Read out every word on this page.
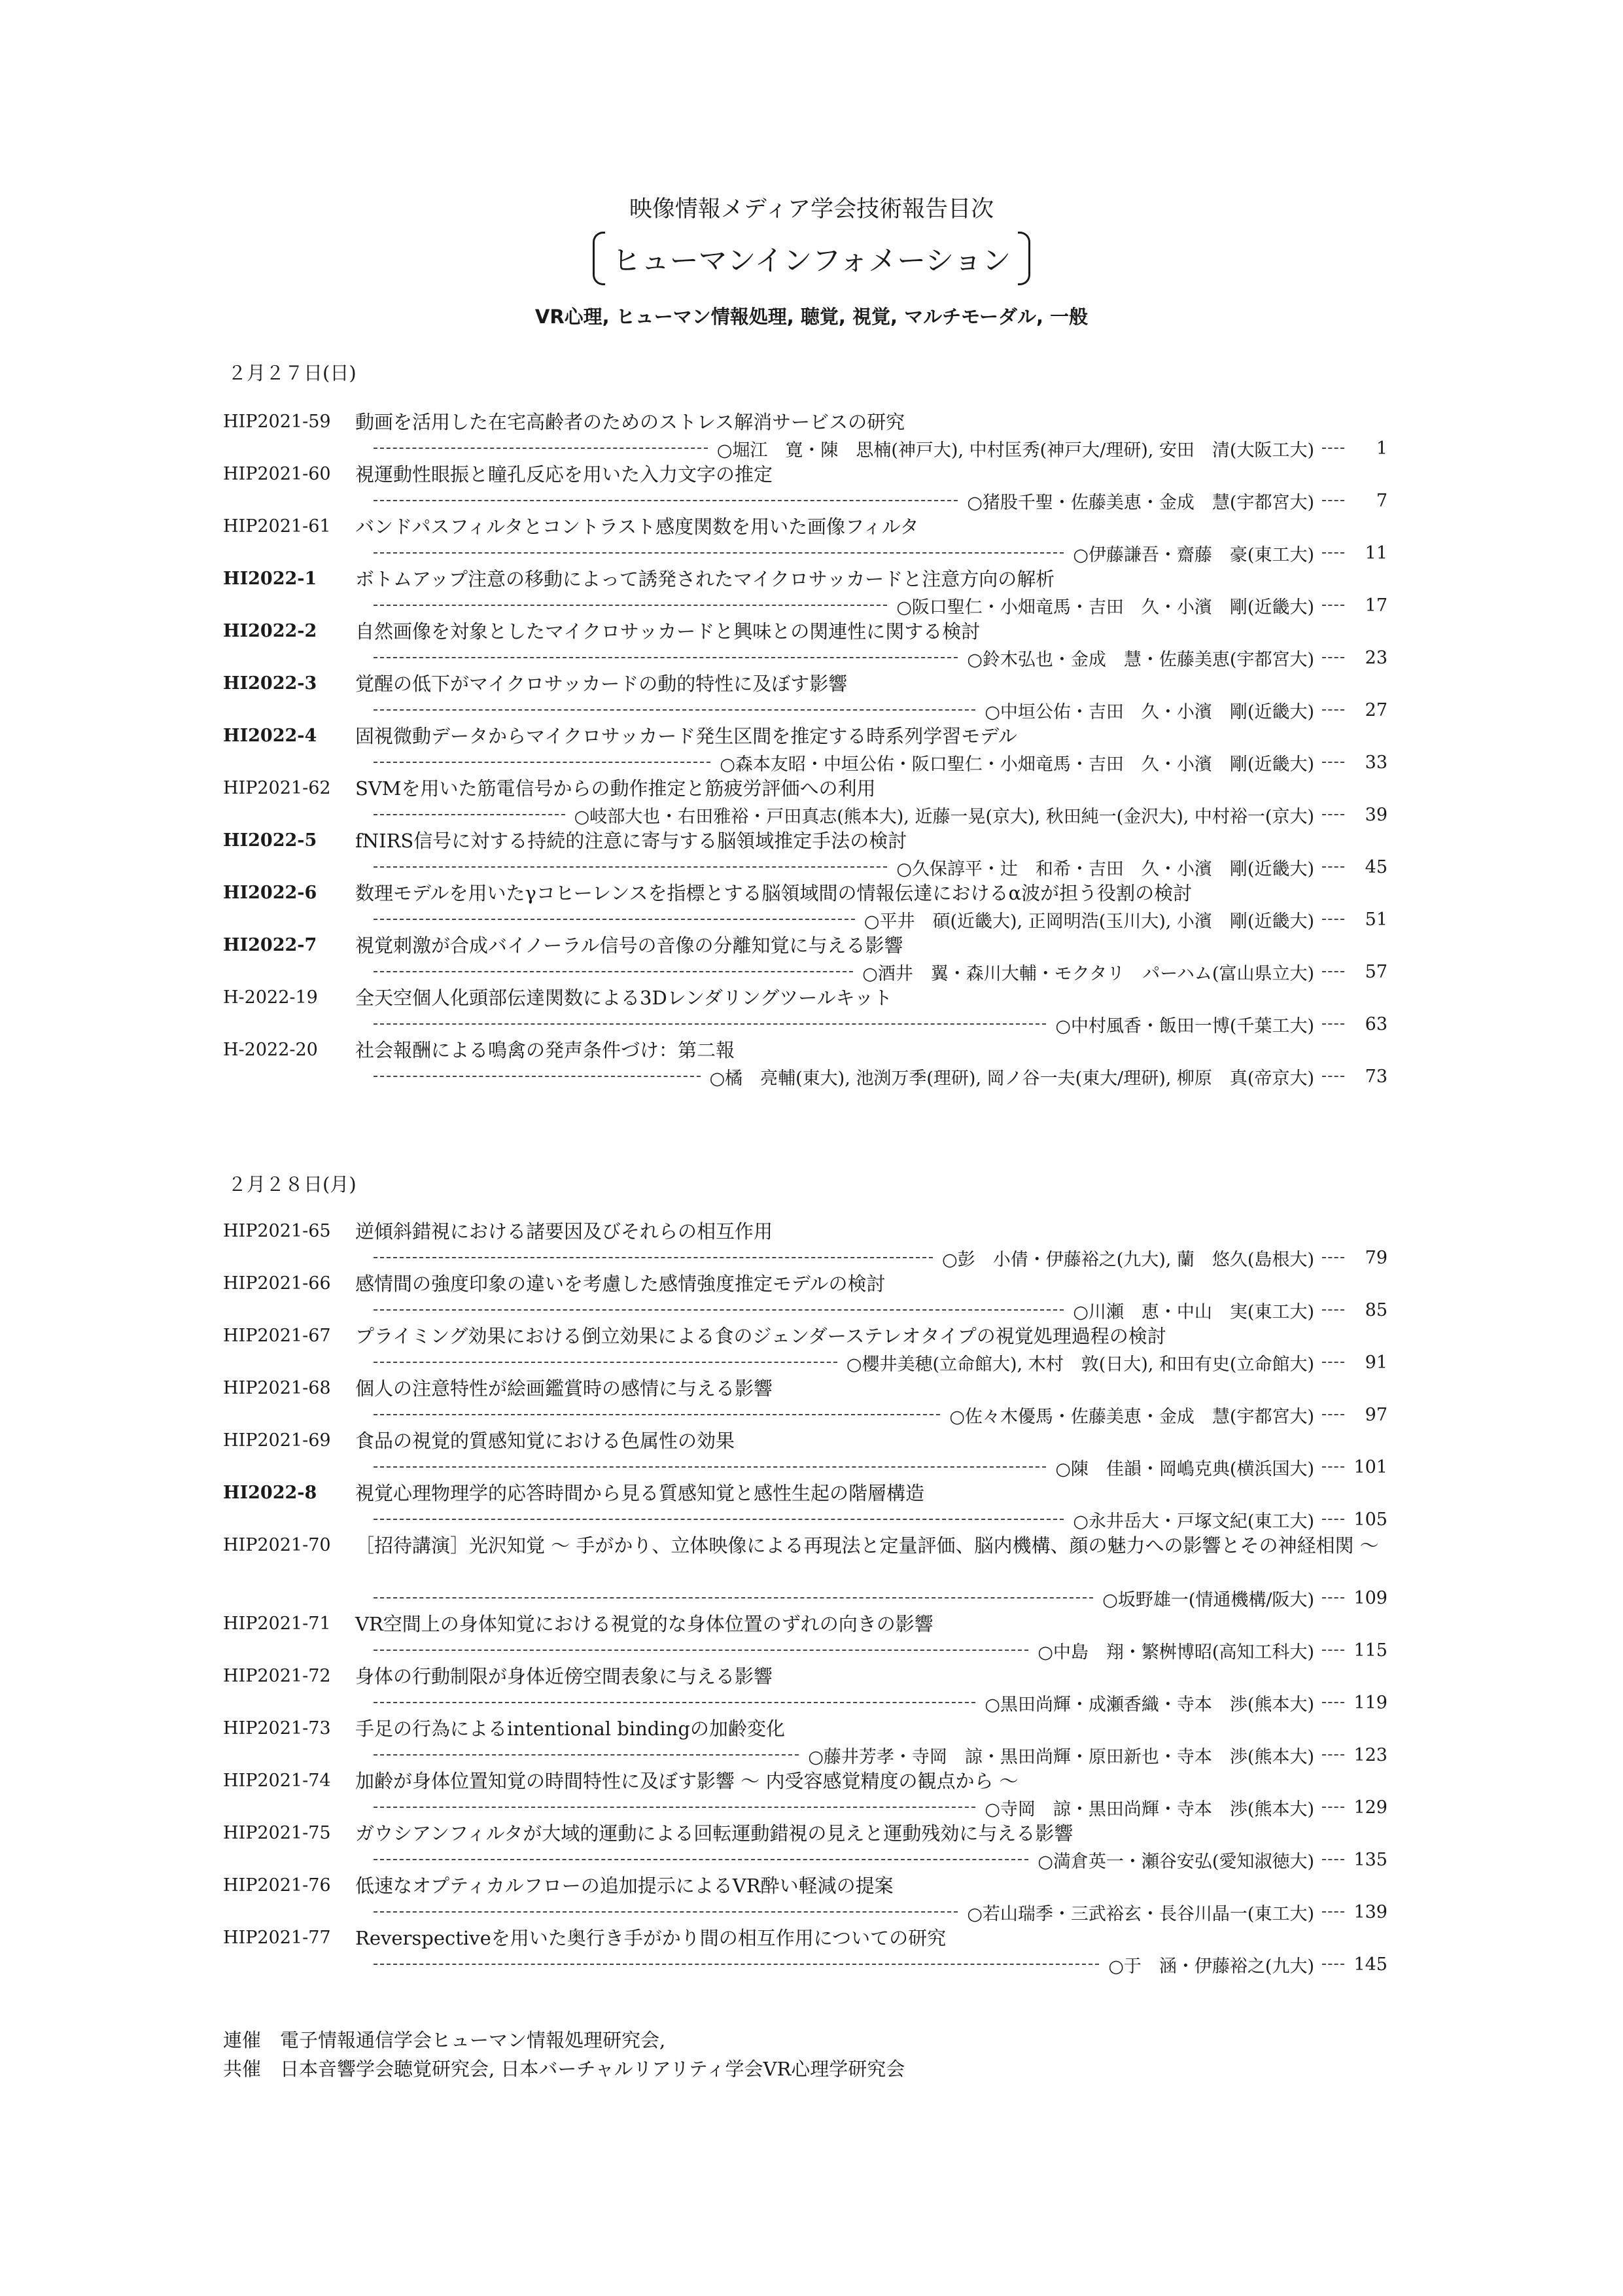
映像情報メディア学会技術報告目次
ヒューマンインフォメーション
VR心理, ヒューマン情報処理, 聴覚, 視覚, マルチモーダル, 一般
２月２７日(日)
HIP2021-59 動画を活用した在宅高齢者のためのストレス解消サービスの研究
○堀江　寛・陳　思楠(神戸大), 中村匡秀(神戸大/理研), 安田　清(大阪工大)	1
HIP2021-60 視運動性眼振と瞳孔反応を用いた入力文字の推定
○猪股千聖・佐藤美恵・金成　慧(宇都宮大)	7
HIP2021-61 バンドパスフィルタとコントラスト感度関数を用いた画像フィルタ
○伊藤謙吾・齋藤　豪(東工大)	11
HI2022-1 ボトムアップ注意の移動によって誘発されたマイクロサッカードと注意方向の解析
○阪口聖仁・小畑竜馬・吉田　久・小濱　剛(近畿大)	17
HI2022-2 自然画像を対象としたマイクロサッカードと興味との関連性に関する検討
○鈴木弘也・金成　慧・佐藤美恵(宇都宮大)	23
HI2022-3 覚醒の低下がマイクロサッカードの動的特性に及ぼす影響
○中垣公佑・吉田　久・小濱　剛(近畿大)	27
HI2022-4 固視微動データからマイクロサッカード発生区間を推定する時系列学習モデル
○森本友昭・中垣公佑・阪口聖仁・小畑竜馬・吉田　久・小濱　剛(近畿大)	33
HIP2021-62 SVMを用いた筋電信号からの動作推定と筋疲労評価への利用
○岐部大也・右田雅裕・戸田真志(熊本大), 近藤一晃(京大), 秋田純一(金沢大), 中村裕一(京大)	39
HI2022-5 fNIRS信号に対する持続的注意に寄与する脳領域推定手法の検討
○久保諄平・辻　和希・吉田　久・小濱　剛(近畿大)	45
HI2022-6 数理モデルを用いたγコヒーレンスを指標とする脳領域間の情報伝達におけるα波が担う役割の検討
○平井　碩(近畿大), 正岡明浩(玉川大), 小濱　剛(近畿大)	51
HI2022-7 視覚刺激が合成バイノーラル信号の音像の分離知覚に与える影響
○酒井　翼・森川大輔・モクタリ　パーハム(富山県立大)	57
H-2022-19 全天空個人化頭部伝達関数による3Dレンダリングツールキット
○中村風香・飯田一博(千葉工大)	63
H-2022-20 社会報酬による鳴禽の発声条件づけ：第二報
○橘　亮輔(東大), 池渕万季(理研), 岡ノ谷一夫(東大/理研), 柳原　真(帝京大)	73
２月２８日(月)
HIP2021-65 逆傾斜錯視における諸要因及びそれらの相互作用
○彭　小倩・伊藤裕之(九大), 蘭　悠久(島根大)	79
HIP2021-66 感情間の強度印象の違いを考慮した感情強度推定モデルの検討
○川瀬　恵・中山　実(東工大)	85
HIP2021-67 プライミング効果における倒立効果による食のジェンダーステレオタイプの視覚処理過程の検討
○櫻井美穂(立命館大), 木村　敦(日大), 和田有史(立命館大)	91
HIP2021-68 個人の注意特性が絵画鑑賞時の感情に与える影響
○佐々木優馬・佐藤美恵・金成　慧(宇都宮大)	97
HIP2021-69 食品の視覚的質感知覚における色属性の効果
○陳　佳韻・岡嶋克典(横浜国大) 101
HI2022-8 視覚心理物理学的応答時間から見る質感知覚と感性生起の階層構造
○永井岳大・戸塚文紀(東工大) 105
HIP2021-70 ［招待講演］光沢知覚 〜 手がかり、立体映像による再現法と定量評価、脳内機構、顔の魅力への影響とその神経相関 〜
○坂野雄一(情通機構/阪大) 109
HIP2021-71 VR空間上の身体知覚における視覚的な身体位置のずれの向きの影響
○中島　翔・繁桝博昭(高知工科大) 115
HIP2021-72 身体の行動制限が身体近傍空間表象に与える影響
○黒田尚輝・成瀬香織・寺本　渉(熊本大) 119
HIP2021-73 手足の行為によるintentional bindingの加齢変化
○藤井芳孝・寺岡　諒・黒田尚輝・原田新也・寺本　渉(熊本大) 123
HIP2021-74 加齢が身体位置知覚の時間特性に及ぼす影響 〜 内受容感覚精度の観点から 〜
○寺岡　諒・黒田尚輝・寺本　渉(熊本大) 129
HIP2021-75 ガウシアンフィルタが大域的運動による回転運動錯視の見えと運動残効に与える影響
○満倉英一・瀬谷安弘(愛知淑徳大) 135
HIP2021-76 低速なオプティカルフローの追加提示によるVR酔い軽減の提案
○若山瑞季・三武裕玄・長谷川晶一(東工大) 139
HIP2021-77 Reverspectiveを用いた奥行き手がかり間の相互作用についての研究
○于　涵・伊藤裕之(九大) 145
連催　電子情報通信学会ヒューマン情報処理研究会,
共催　日本音響学会聴覚研究会, 日本バーチャルリアリティ学会VR心理学研究会
